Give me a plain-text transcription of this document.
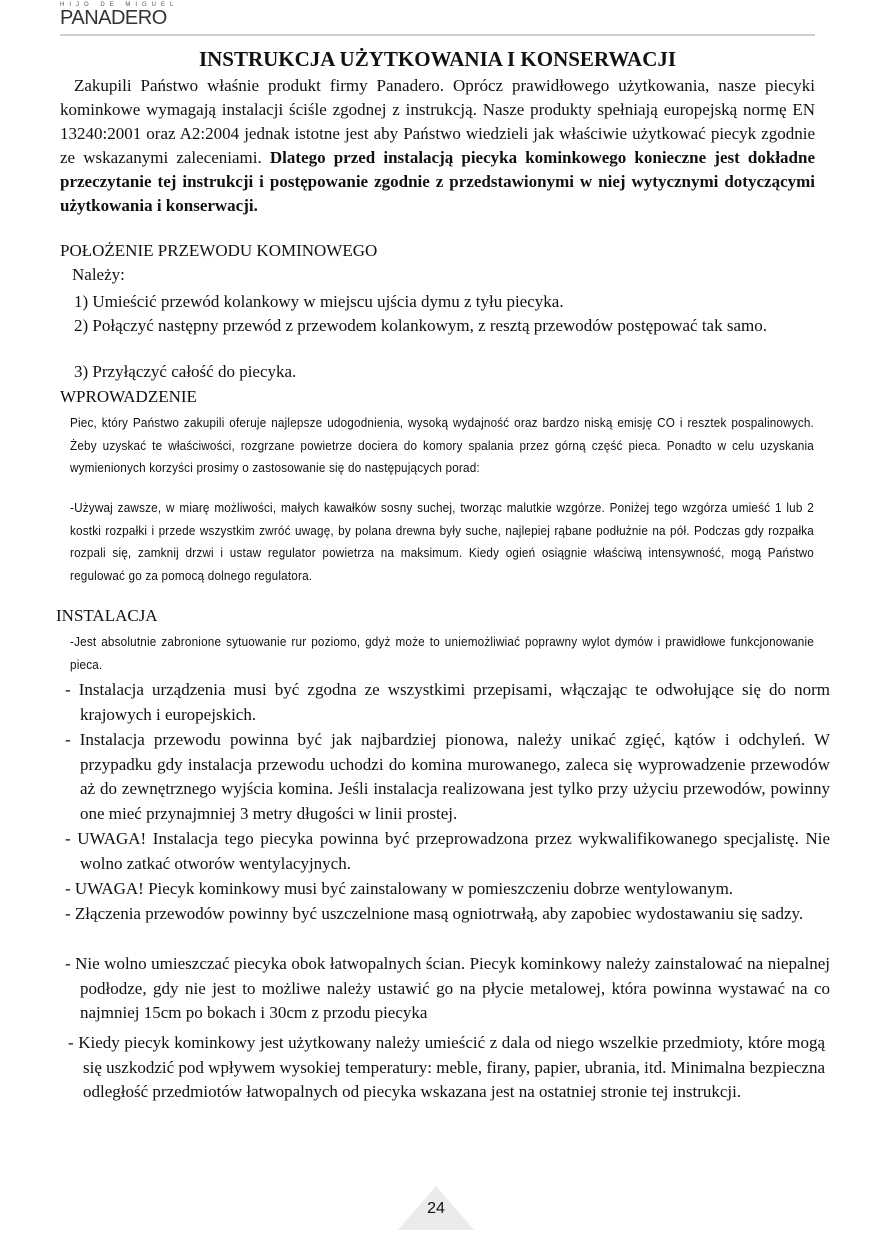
HIJO DE MIGUEL
PANADERO
INSTRUKCJA UŻYTKOWANIA I KONSERWACJI

Zakupili Państwo właśnie produkt firmy Panadero. Oprócz prawidłowego użytkowania, nasze piecyki kominkowe wymagają instalacji ściśle zgodnej z instrukcją. Nasze produkty spełniają europejską normę EN 13240:2001 oraz A2:2004 jednak istotne jest aby Państwo wiedzieli jak właściwie użytkować piecyk zgodnie ze wskazanymi zaleceniami. Dlatego przed instalacją piecyka kominkowego konieczne jest dokładne przeczytanie tej instrukcji i postępowanie zgodnie z przedstawionymi w niej wytycznymi dotyczącymi użytkowania i konserwacji.

POŁOŻENIE PRZEWODU KOMINOWEGO
Należy:
1) Umieścić przewód kolankowy w miejscu ujścia dymu z tyłu piecyka.
2) Połączyć następny przewód z przewodem kolankowym, z resztą przewodów postępować tak samo.
3) Przyłączyć całość do piecyka.
WPROWADZENIE
Piec, który Państwo zakupili oferuje najlepsze udogodnienia, wysoką wydajność oraz bardzo niską emisję CO i resztek pospalinowych. Żeby uzyskać te właściwości, rozgrzane powietrze dociera do komory spalania przez górną część pieca. Ponadto w celu uzyskania wymienionych korzyści prosimy o zastosowanie się do następujących porad:
-Używaj zawsze, w miarę możliwości, małych kawałków sosny suchej, tworząc malutkie wzgórze. Poniżej tego wzgórza umieść 1 lub 2 kostki rozpałki i przede wszystkim zwróć uwagę, by polana drewna były suche, najlepiej rąbane podłużnie na pół. Podczas gdy rozpałka rozpali się, zamknij drzwi i ustaw regulator powietrza na maksimum. Kiedy ogień osiągnie właściwą intensywność, mogą Państwo regulować go za pomocą dolnego regulatora.
INSTALACJA
-Jest absolutnie zabronione sytuowanie rur poziomo, gdyż może to uniemożliwiać poprawny wylot dymów i prawidłowe funkcjonowanie pieca.
- Instalacja urządzenia musi być zgodna ze wszystkimi przepisami, włączając te odwołujące się do norm krajowych i europejskich.
- Instalacja przewodu powinna być jak najbardziej pionowa, należy unikać zgięć, kątów i odchyleń. W przypadku gdy instalacja przewodu uchodzi do komina murowanego, zaleca się wyprowadzenie przewodów aż do zewnętrznego wyjścia komina. Jeśli instalacja realizowana jest tylko przy użyciu przewodów, powinny one mieć przynajmniej 3 metry długości w linii prostej.
- UWAGA! Instalacja tego piecyka powinna być przeprowadzona przez wykwalifikowanego specjalistę. Nie wolno zatkać otworów wentylacyjnych.
- UWAGA! Piecyk kominkowy musi być zainstalowany w pomieszczeniu dobrze wentylowanym.
- Złączenia przewodów powinny być uszczelnione masą ogniotrwałą, aby zapobiec wydostawaniu się sadzy.
- Nie wolno umieszczać piecyka obok łatwopalnych ścian. Piecyk kominkowy należy zainstalować na niepalnej podłodze, gdy nie jest to możliwe należy ustawić go na płycie metalowej, która powinna wystawać na co najmniej 15cm po bokach i 30cm z przodu piecyka
- Kiedy piecyk kominkowy jest użytkowany należy umieścić z dala od niego wszelkie przedmioty, które mogą się uszkodzić pod wpływem wysokiej temperatury: meble, firany, papier, ubrania, itd. Minimalna bezpieczna odległość przedmiotów łatwopalnych od piecyka wskazana jest na ostatniej stronie tej instrukcji.
24
